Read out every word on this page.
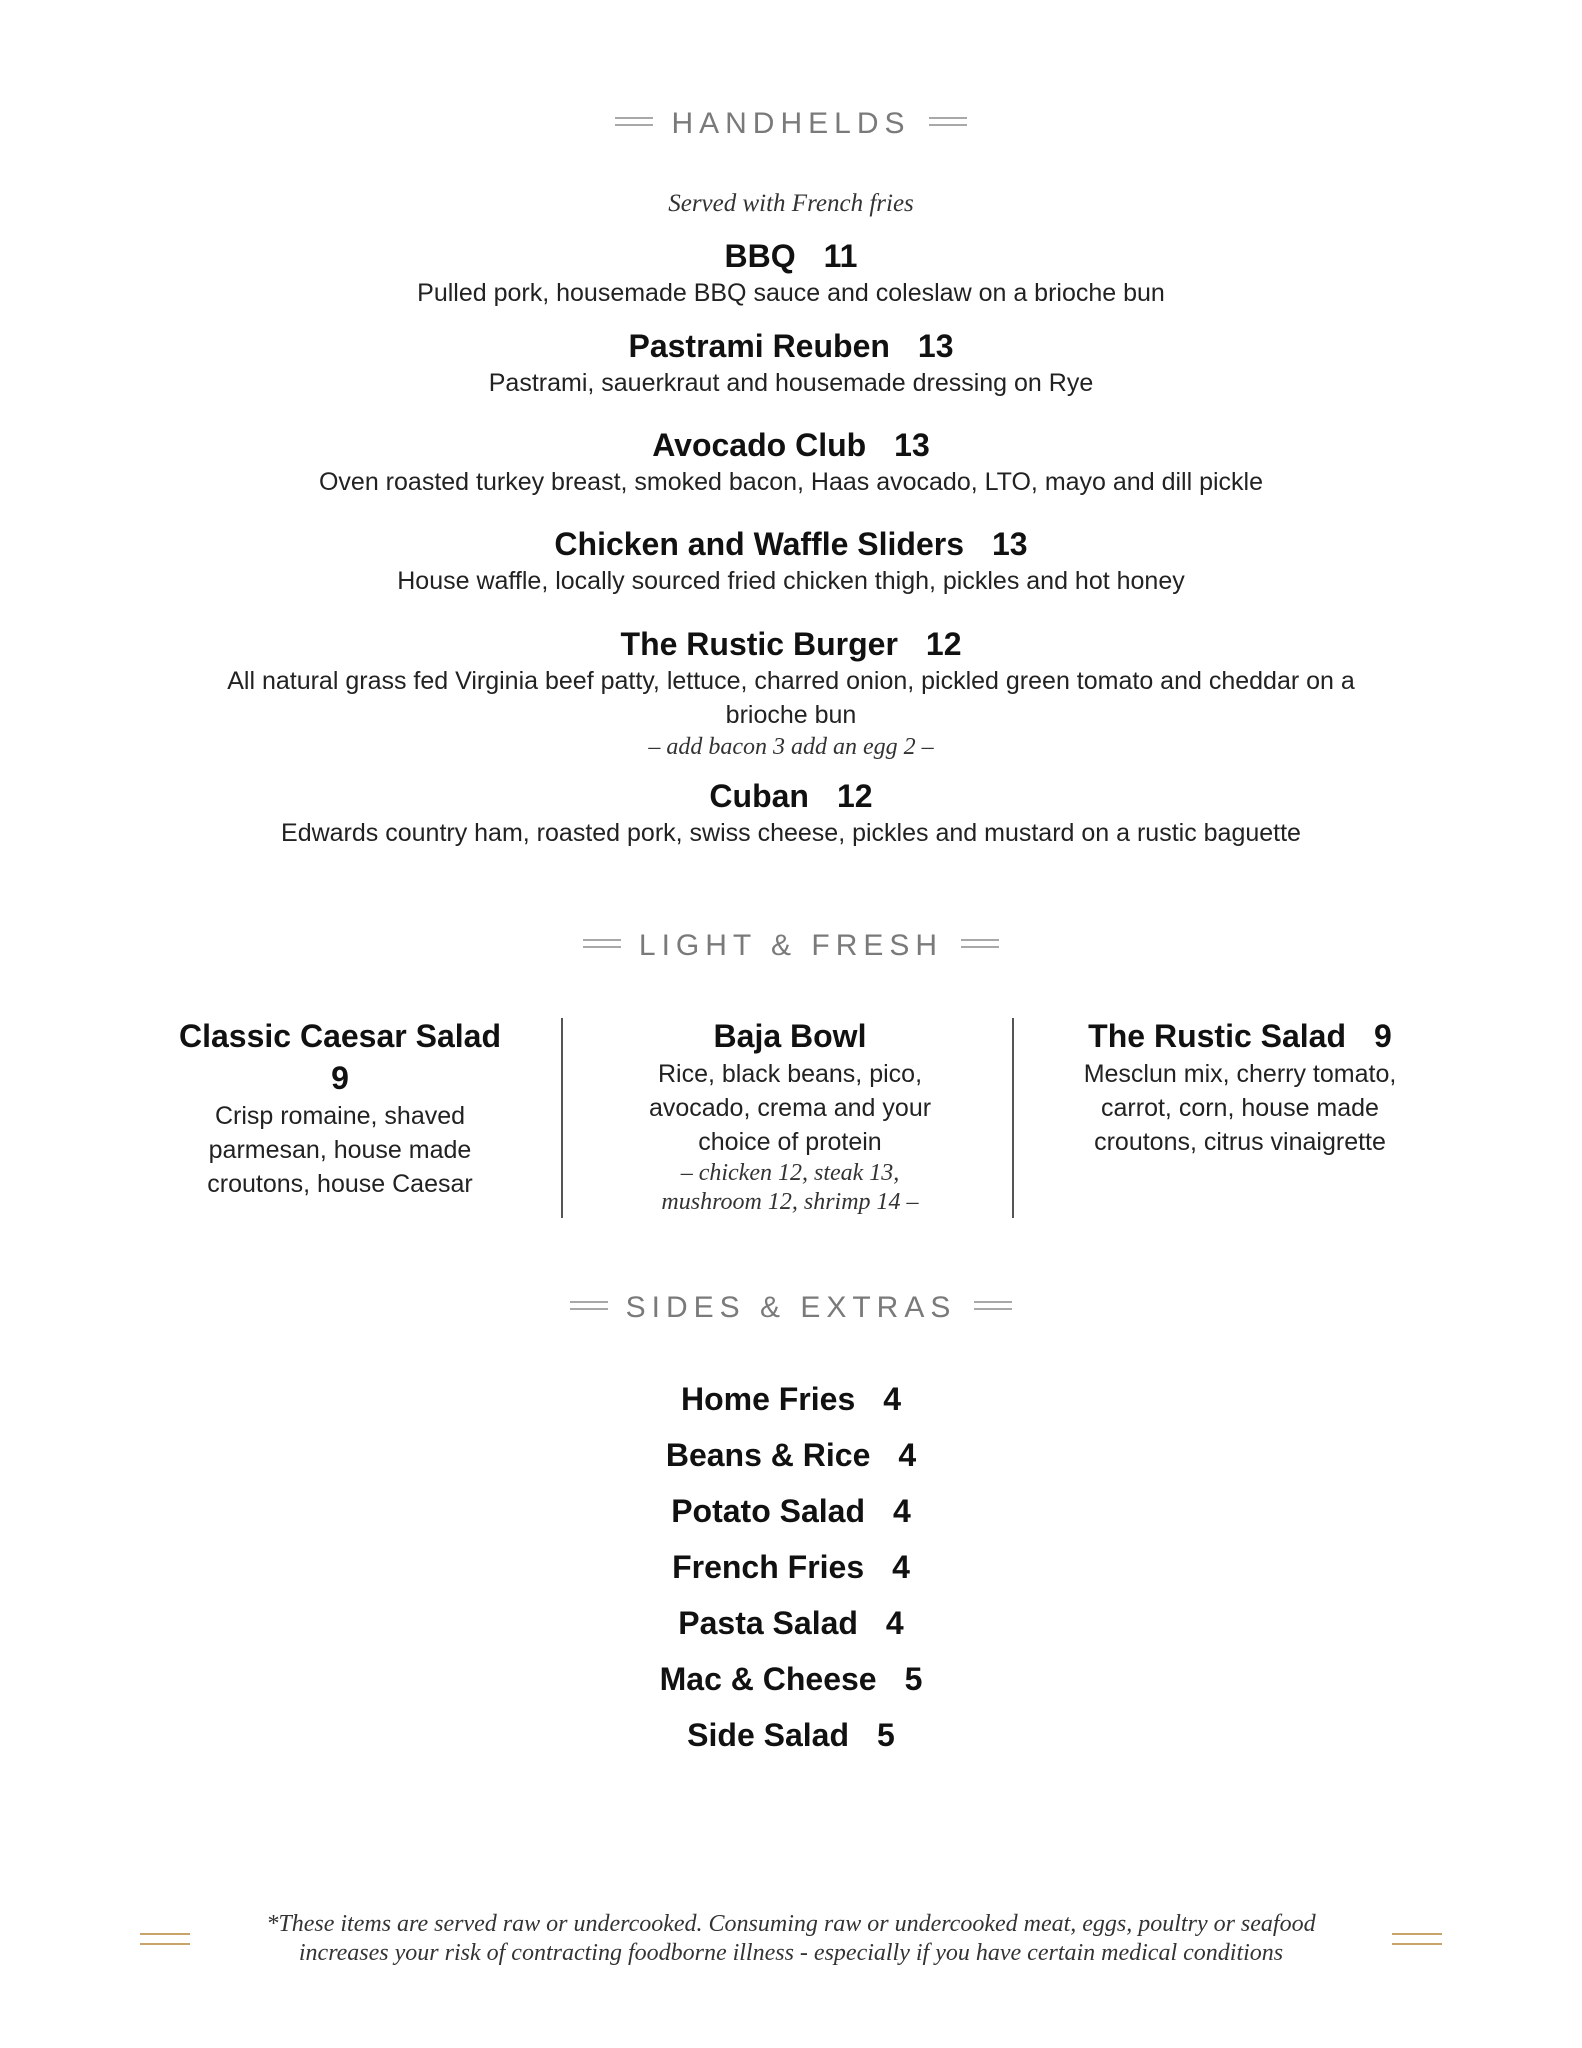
HANDHELDS
Served with French fries
BBQ 11
Pulled pork, housemade BBQ sauce and coleslaw on a brioche bun
Pastrami Reuben 13
Pastrami, sauerkraut and housemade dressing on Rye
Avocado Club 13
Oven roasted turkey breast, smoked bacon, Haas avocado, LTO, mayo and dill pickle
Chicken and Waffle Sliders 13
House waffle, locally sourced fried chicken thigh, pickles and hot honey
The Rustic Burger 12
All natural grass fed Virginia beef patty, lettuce, charred onion, pickled green tomato and cheddar on a
brioche bun
– add bacon 3 add an egg 2 –
Cuban 12
Edwards country ham, roasted pork, swiss cheese, pickles and mustard on a rustic baguette
LIGHT & FRESH
Classic Caesar Salad
9
Crisp romaine, shaved
parmesan, house made
croutons, house Caesar
Baja Bowl
Rice, black beans, pico,
avocado, crema and your
choice of protein
– chicken 12, steak 13,
mushroom 12, shrimp 14 –
The Rustic Salad 9
Mesclun mix, cherry tomato,
carrot, corn, house made
croutons, citrus vinaigrette
SIDES & EXTRAS
Home Fries 4
Beans & Rice 4
Potato Salad 4
French Fries 4
Pasta Salad 4
Mac & Cheese 5
Side Salad 5
*These items are served raw or undercooked. Consuming raw or undercooked meat, eggs, poultry or seafood
increases your risk of contracting foodborne illness - especially if you have certain medical conditions
